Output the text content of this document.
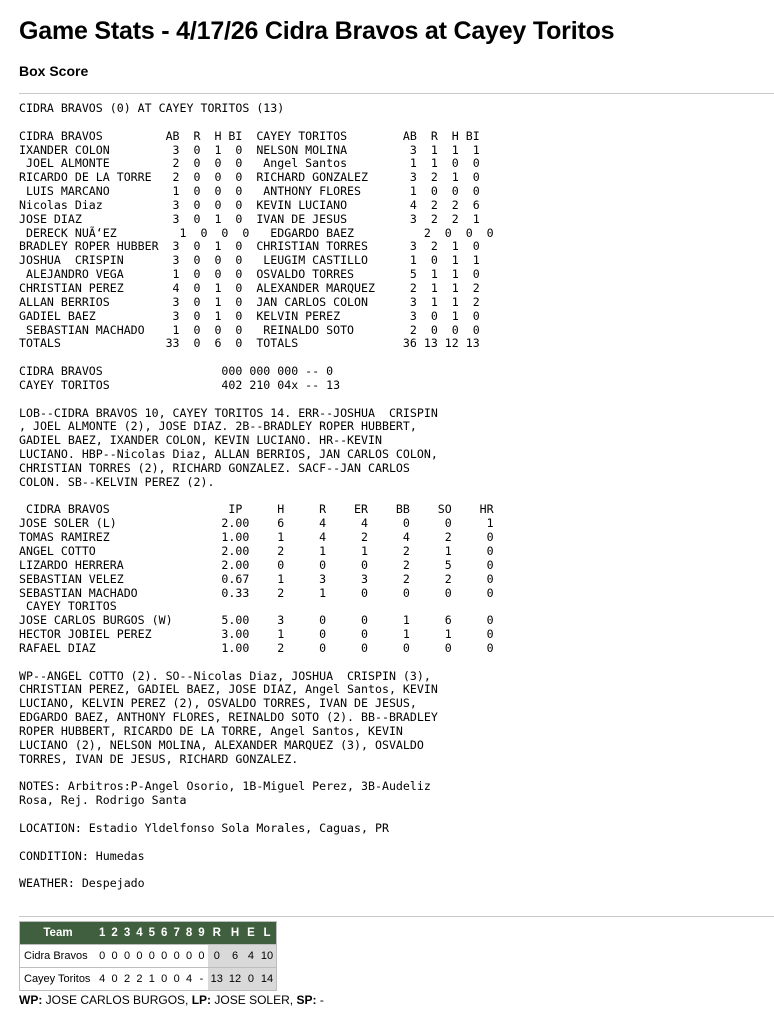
Game Stats - 4/17/26 Cidra Bravos at Cayey Toritos
Box Score
CIDRA BRAVOS (0) AT CAYEY TORITOS (13)

CIDRA BRAVOS         AB  R  H BI  CAYEY TORITOS        AB  R  H BI
IXANDER COLON         3  0  1  0  NELSON MOLINA         3  1  1  1
JOEL ALMONTE         2  0  0  0   Angel Santos         1  1  0  0
RICARDO DE LA TORRE   2  0  0  0  RICHARD GONZALEZ      3  2  1  0
LUIS MARCANO         1  0  0  0   ANTHONY FLORES       1  0  0  0
Nicolas Diaz          3  0  0  0  KEVIN LUCIANO         4  2  2  6
JOSE DIAZ             3  0  1  0  IVAN DE JESUS         3  2  2  1
DERECK NUÃ‘EZ         1  0  0  0   EDGARDO BAEZ          2  0  0  0
BRADLEY ROPER HUBBER  3  0  1  0  CHRISTIAN TORRES      3  2  1  0
JOSHUA  CRISPIN       3  0  0  0   LEUGIM CASTILLO      1  0  1  1
ALEJANDRO VEGA       1  0  0  0  OSVALDO TORRES        5  1  1  0
CHRISTIAN PEREZ       4  0  1  0  ALEXANDER MARQUEZ     2  1  1  2
ALLAN BERRIOS         3  0  1  0  JAN CARLOS COLON      3  1  1  2
GADIEL BAEZ           3  0  1  0  KELVIN PEREZ          3  0  1  0
SEBASTIAN MACHADO    1  0  0  0   REINALDO SOTO        2  0  0  0
TOTALS               33  0  6  0  TOTALS               36 13 12 13

CIDRA BRAVOS                 000 000 000 -- 0
CAYEY TORITOS                402 210 04x -- 13

LOB--CIDRA BRAVOS 10, CAYEY TORITOS 14. ERR--JOSHUA  CRISPIN
, JOEL ALMONTE (2), JOSE DIAZ. 2B--BRADLEY ROPER HUBBERT,
GADIEL BAEZ, IXANDER COLON, KEVIN LUCIANO. HR--KEVIN
LUCIANO. HBP--Nicolas Diaz, ALLAN BERRIOS, JAN CARLOS COLON,
CHRISTIAN TORRES (2), RICHARD GONZALEZ. SACF--JAN CARLOS
COLON. SB--KELVIN PEREZ (2).

CIDRA BRAVOS                 IP     H     R    ER    BB    SO    HR
JOSE SOLER (L)               2.00    6     4     4     0     0     1
TOMAS RAMIREZ                1.00    1     4     2     4     2     0
ANGEL COTTO                  2.00    2     1     1     2     1     0
LIZARDO HERRERA              2.00    0     0     0     2     5     0
SEBASTIAN VELEZ              0.67    1     3     3     2     2     0
SEBASTIAN MACHADO            0.33    2     1     0     0     0     0
CAYEY TORITOS
JOSE CARLOS BURGOS (W)       5.00    3     0     0     1     6     0
HECTOR JOBIEL PEREZ          3.00    1     0     0     1     1     0
RAFAEL DIAZ                  1.00    2     0     0     0     0     0

WP--ANGEL COTTO (2). SO--Nicolas Diaz, JOSHUA  CRISPIN (3),
CHRISTIAN PEREZ, GADIEL BAEZ, JOSE DIAZ, Angel Santos, KEVIN
LUCIANO, KELVIN PEREZ (2), OSVALDO TORRES, IVAN DE JESUS,
EDGARDO BAEZ, ANTHONY FLORES, REINALDO SOTO (2). BB--BRADLEY
ROPER HUBBERT, RICARDO DE LA TORRE, Angel Santos, KEVIN
LUCIANO (2), NELSON MOLINA, ALEXANDER MARQUEZ (3), OSVALDO
TORRES, IVAN DE JESUS, RICHARD GONZALEZ.

NOTES: Arbitros:P-Angel Osorio, 1B-Miguel Perez, 3B-Audeliz
Rosa, Rej. Rodrigo Santa

LOCATION: Estadio Yldelfonso Sola Morales, Caguas, PR

CONDITION: Humedas

WEATHER: Despejado
Team	1	2	3	4	5	6	7	8	9	R	H	E	L
Cidra Bravos	0	0	0	0	0	0	0	0	0	0	6	4	10
Cayey Toritos	4	0	2	2	1	0	0	4	-	13	12	0	14
WP: JOSE CARLOS BURGOS, LP: JOSE SOLER, SP: -
